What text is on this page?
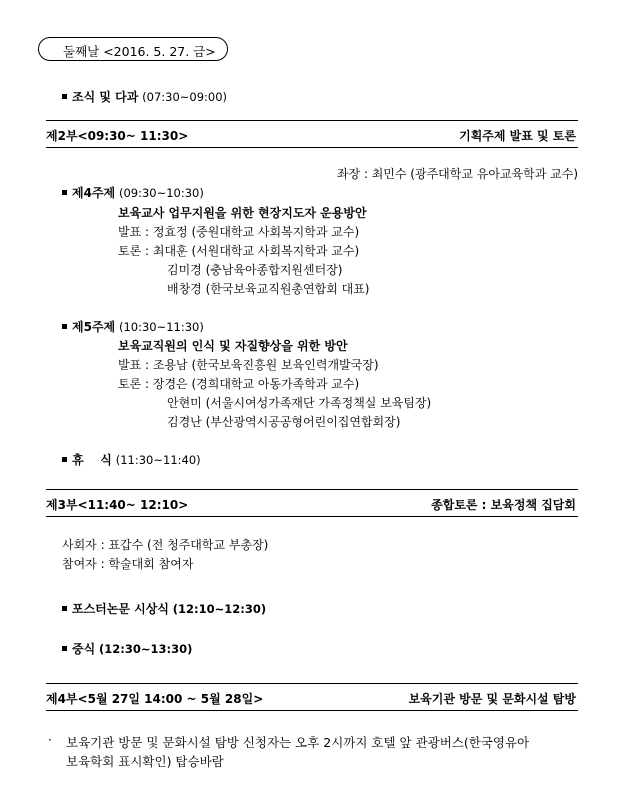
둘째날 <2016. 5. 27. 금>
조식 및 다과 (07:30~09:00)
제2부<09:30~ 11:30>	기획주제 발표 및 토론
좌장 : 최민수 (광주대학교 유아교육학과 교수)
제4주제 (09:30~10:30)
보육교사 업무지원을 위한 현장지도자 운용방안
발표 : 정효정 (중원대학교 사회복지학과 교수)
토론 : 최대훈 (서원대학교 사회복지학과 교수)
김미경 (충남육아종합지원센터장)
배창경 (한국보육교직원총연합회 대표)
제5주제 (10:30~11:30)
보육교직원의 인식 및 자질향상을 위한 방안
발표 : 조용남 (한국보육진흥원 보육인력개발국장)
토론 : 장경은 (경희대학교 아동가족학과 교수)
안현미 (서울시여성가족재단 가족정책실 보육팀장)
김경난 (부산광역시공공형어린이집연합회장)
휴    식 (11:30~11:40)
제3부<11:40~ 12:10>	종합토론 : 보육정책 집담회
사회자 : 표갑수 (전 청주대학교 부총장)
참여자 : 학술대회 참여자
포스터논문 시상식 (12:10~12:30)
중식 (12:30~13:30)
제4부<5월 27일 14:00 ~ 5월 28일>	보육기관 방문 및 문화시설 탐방
· 보육기관 방문 및 문화시설 탐방 신청자는 오후 2시까지 호텔 앞 관광버스(한국영유아
보육학회 표시확인) 탑승바람
